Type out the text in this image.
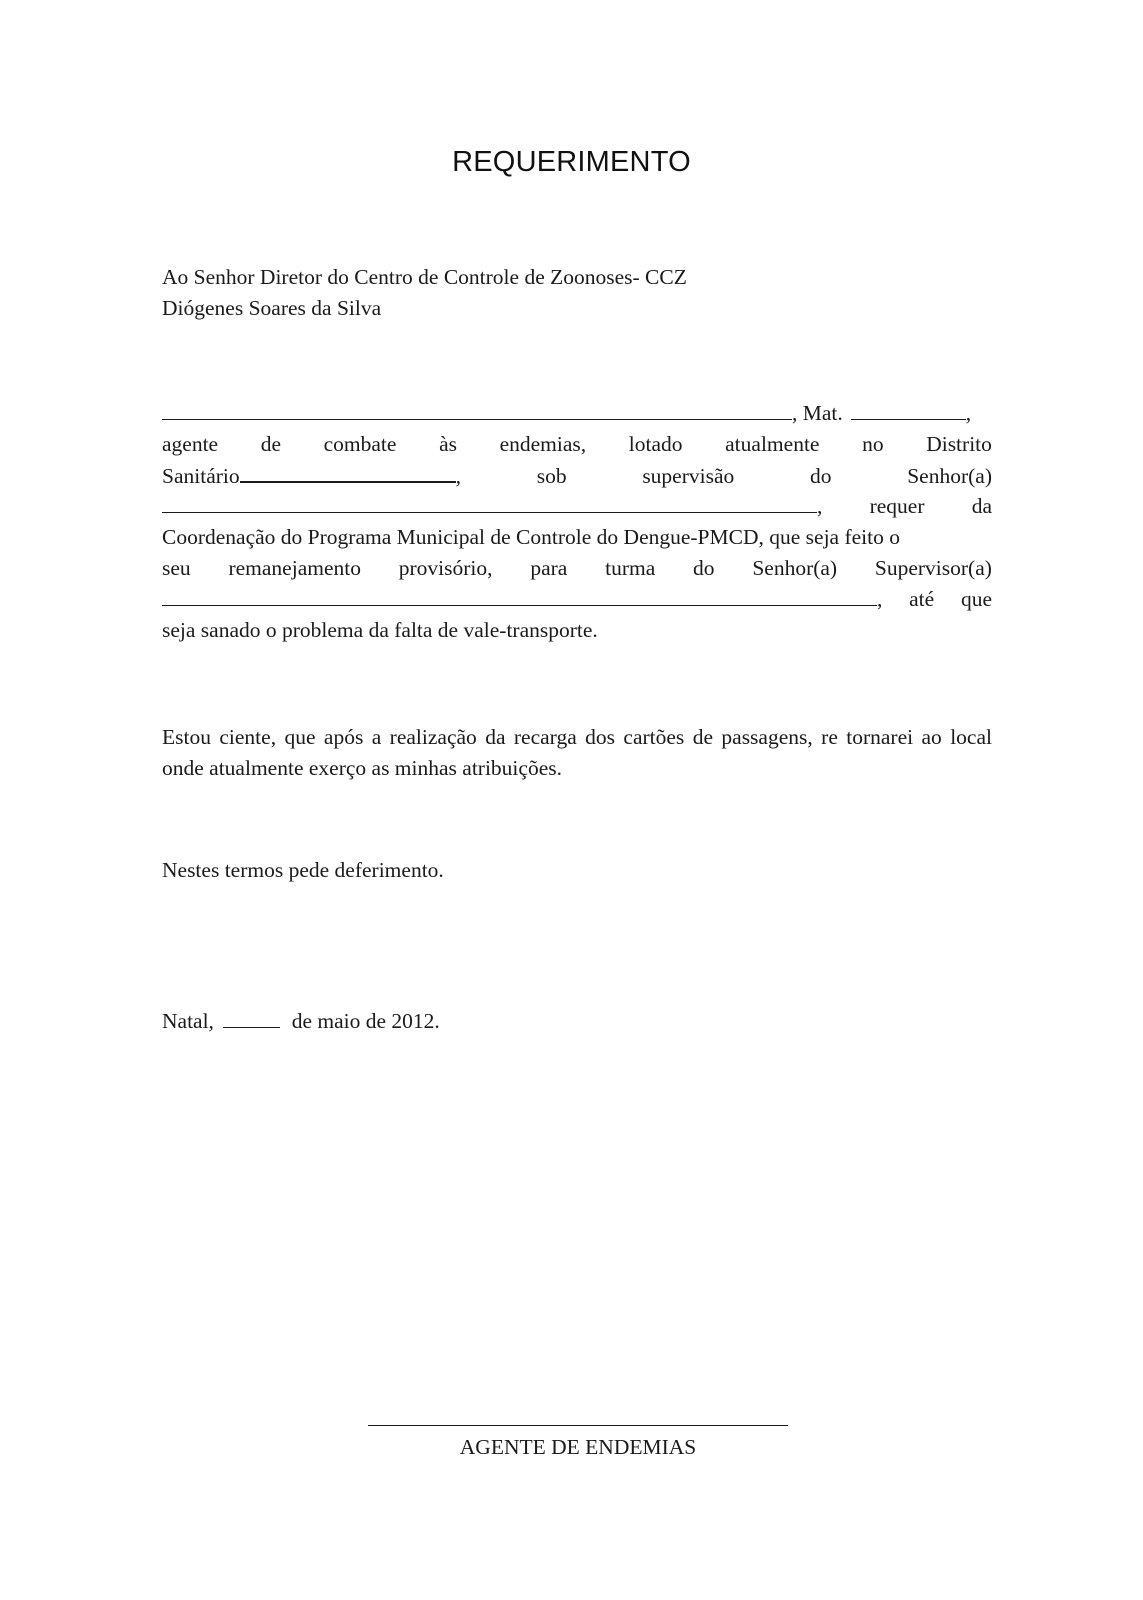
REQUERIMENTO
Ao Senhor Diretor do Centro de Controle de Zoonoses- CCZ
Diógenes Soares da Silva
, Mat.	,
agente de combate às endemias, lotado atualmente no Distrito
Sanitário	,	sob	supervisão	do	Senhor(a)
, requer da
Coordenação do Programa Municipal de Controle do Dengue-PMCD, que seja feito o
seu remanejamento provisório, para turma do Senhor(a) Supervisor(a)
, até que
seja sanado o problema da falta de vale-transporte.
Estou ciente, que após a realização da recarga dos cartões de passagens, re tornarei ao local onde atualmente exerço as minhas atribuições.
Nestes termos pede deferimento.
Natal,	de maio de 2012.
AGENTE DE ENDEMIAS
